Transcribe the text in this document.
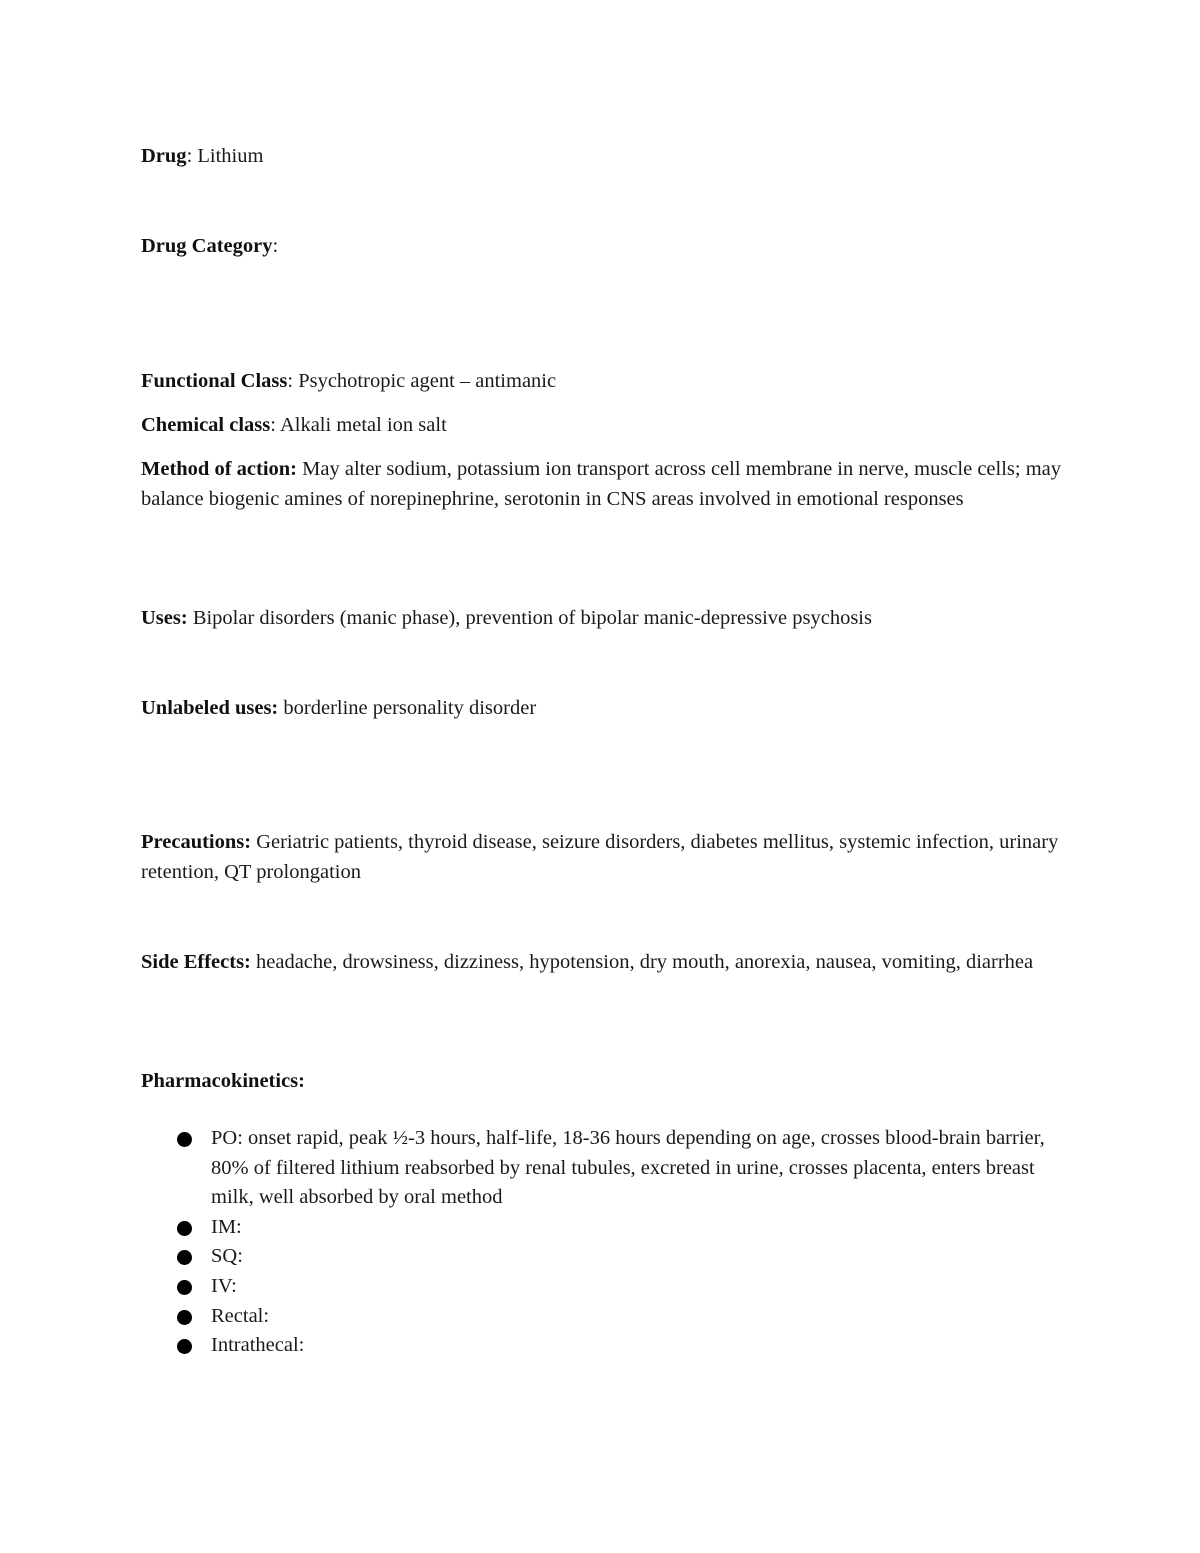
Drug: Lithium

Drug Category:

Functional Class: Psychotropic agent – antimanic

Chemical class: Alkali metal ion salt

Method of action: May alter sodium, potassium ion transport across cell membrane in nerve, muscle cells; may balance biogenic amines of norepinephrine, serotonin in CNS areas involved in emotional responses

Uses: Bipolar disorders (manic phase), prevention of bipolar manic-depressive psychosis

Unlabeled uses: borderline personality disorder

Precautions: Geriatric patients, thyroid disease, seizure disorders, diabetes mellitus, systemic infection, urinary retention, QT prolongation

Side Effects: headache, drowsiness, dizziness, hypotension, dry mouth, anorexia, nausea, vomiting, diarrhea

Pharmacokinetics:

PO: onset rapid, peak ½-3 hours, half-life, 18-36 hours depending on age, crosses blood-brain barrier, 80% of filtered lithium reabsorbed by renal tubules, excreted in urine, crosses placenta, enters breast milk, well absorbed by oral method
IM:
SQ:
IV:
Rectal:
Intrathecal:
